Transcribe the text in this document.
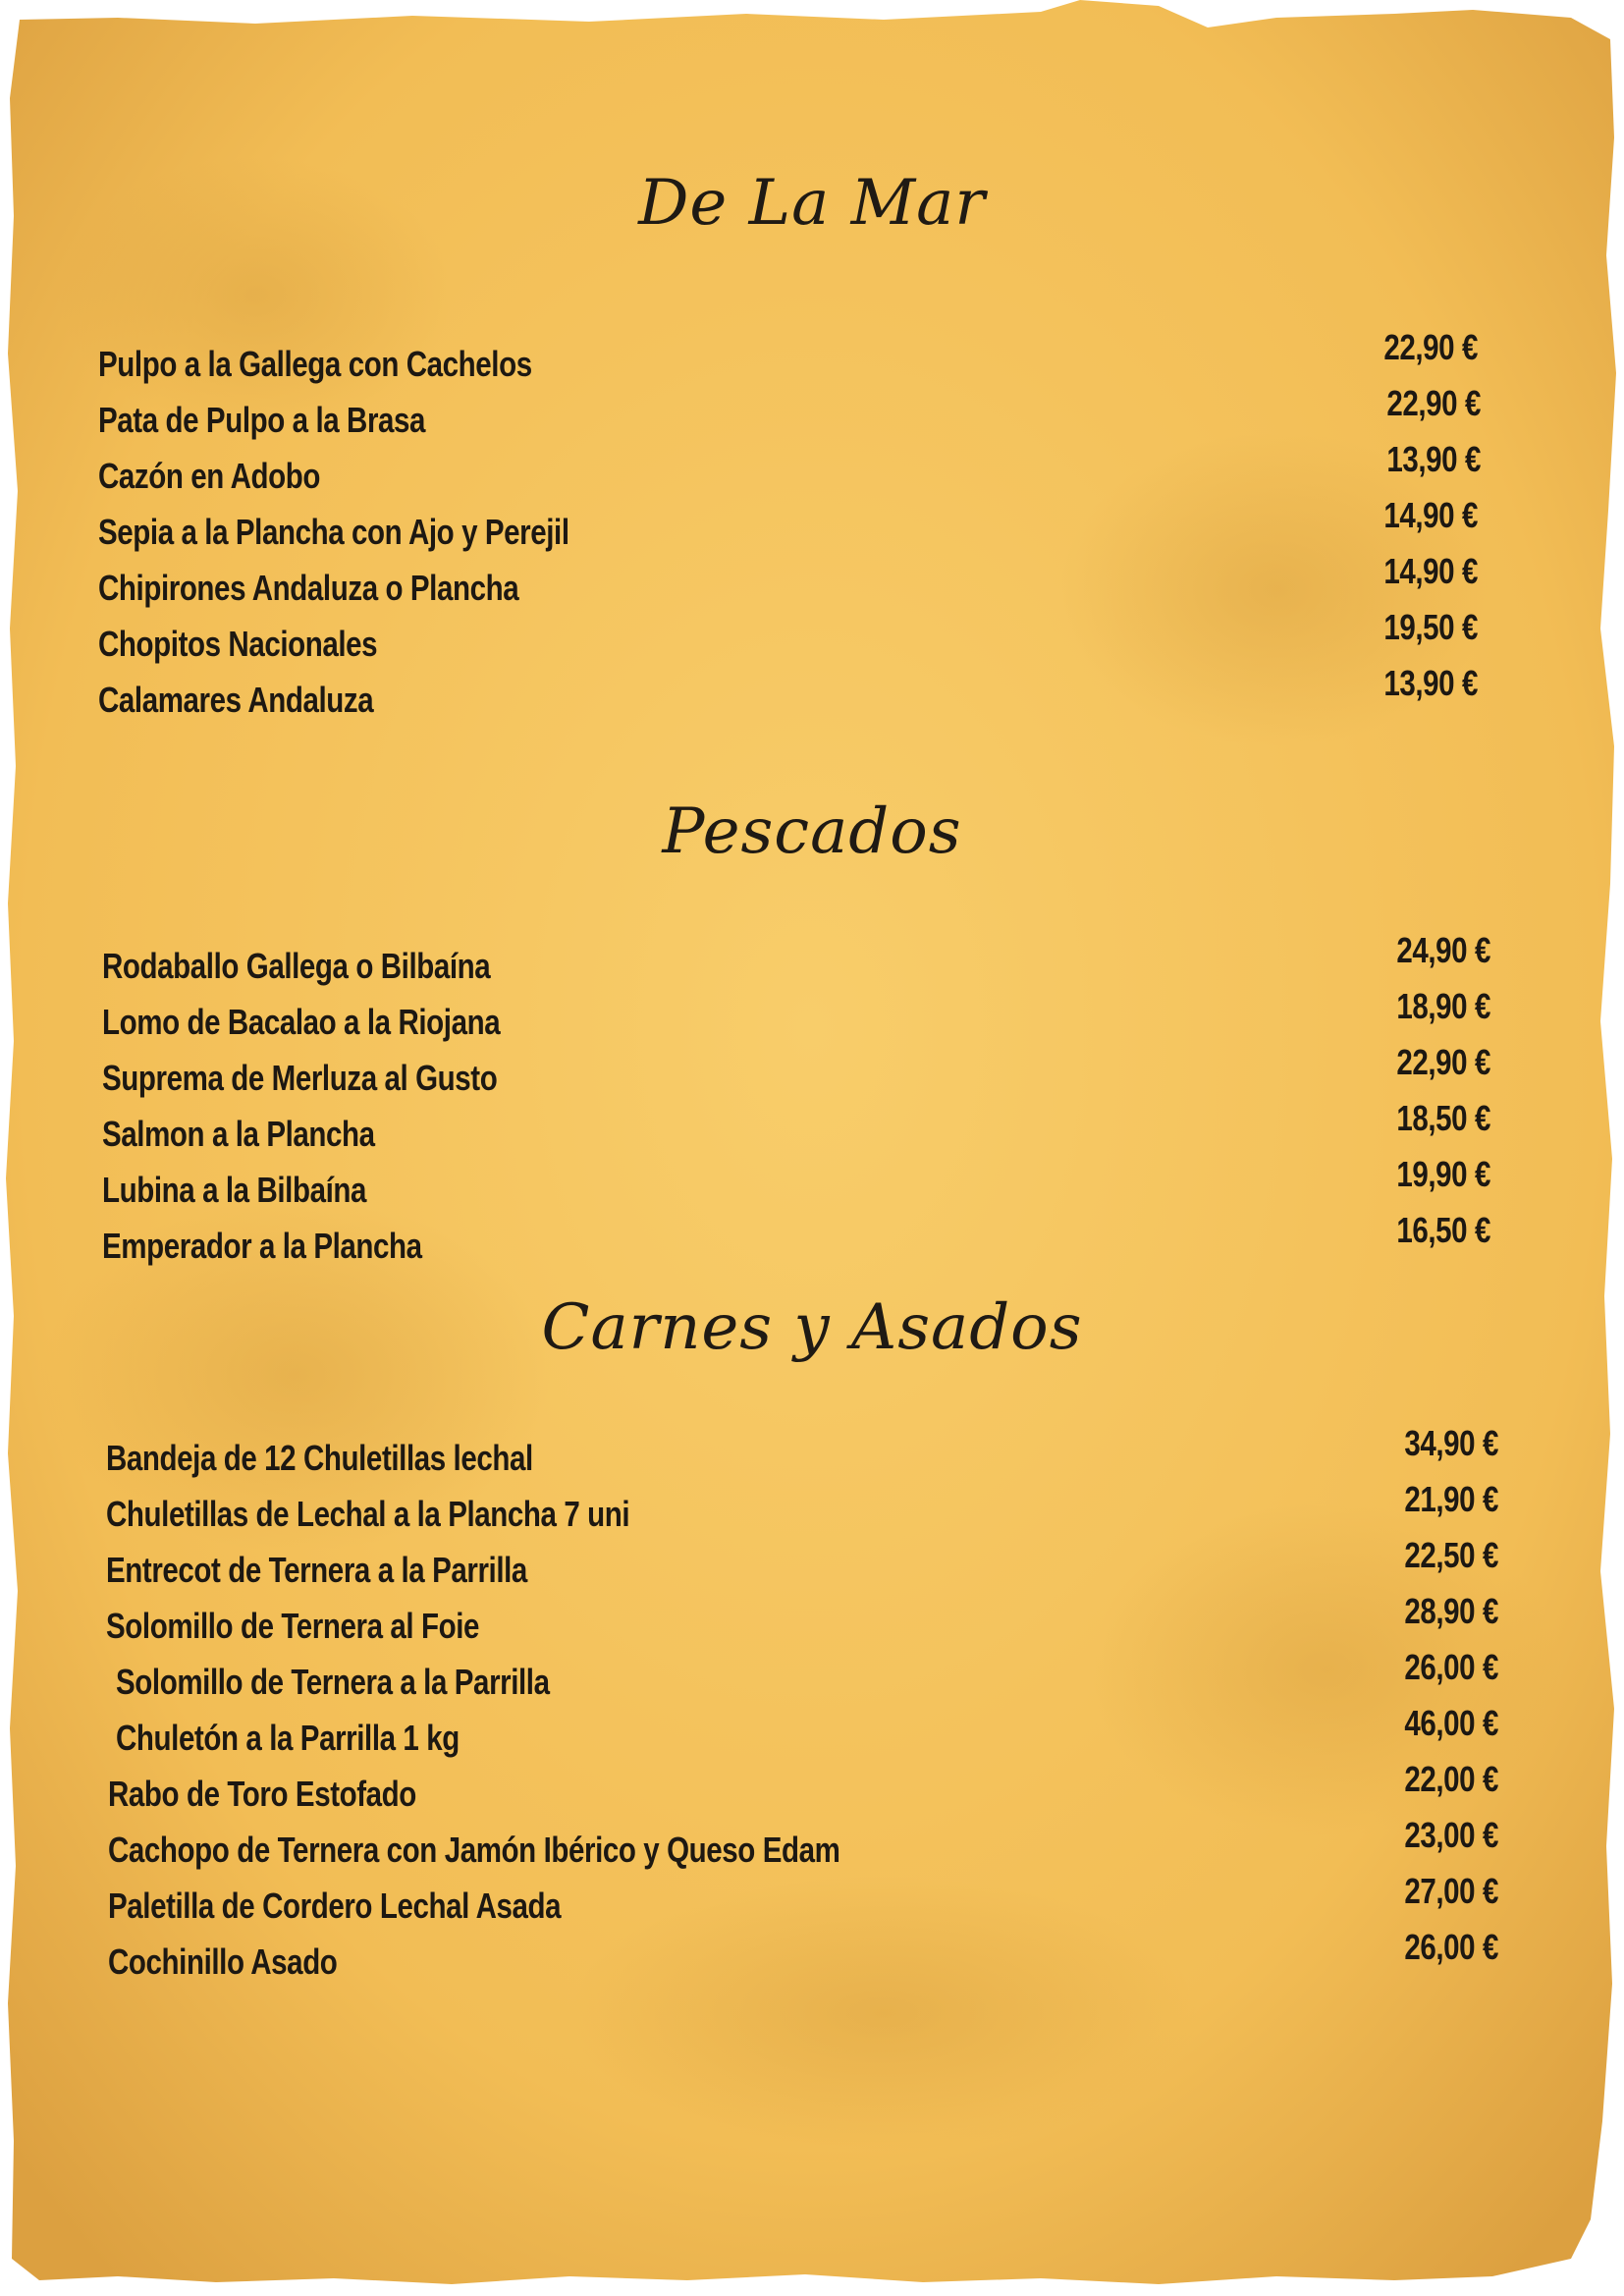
De La Mar
Pulpo a la Gallega con Cachelos	22,90 €
Pata de Pulpo a la Brasa	22,90 €
Cazón en Adobo	13,90 €
Sepia a la Plancha con Ajo y Perejil	14,90 €
Chipirones Andaluza o Plancha	14,90 €
Chopitos Nacionales	19,50 €
Calamares Andaluza	13,90 €
Pescados
Rodaballo Gallega o Bilbaína	24,90 €
Lomo de Bacalao a la Riojana	18,90 €
Suprema de Merluza al Gusto	22,90 €
Salmon a la Plancha	18,50 €
Lubina a la Bilbaína	19,90 €
Emperador a la Plancha	16,50 €
Carnes y Asados
Bandeja de 12 Chuletillas lechal	34,90 €
Chuletillas de Lechal a la Plancha 7 uni	21,90 €
Entrecot de Ternera a la Parrilla	22,50 €
Solomillo de Ternera al Foie	28,90 €
Solomillo de Ternera a la Parrilla	26,00 €
Chuletón a la Parrilla 1 kg	46,00 €
Rabo de Toro Estofado	22,00 €
Cachopo de Ternera con Jamón Ibérico y Queso Edam	23,00 €
Paletilla de Cordero Lechal Asada	27,00 €
Cochinillo Asado	26,00 €
